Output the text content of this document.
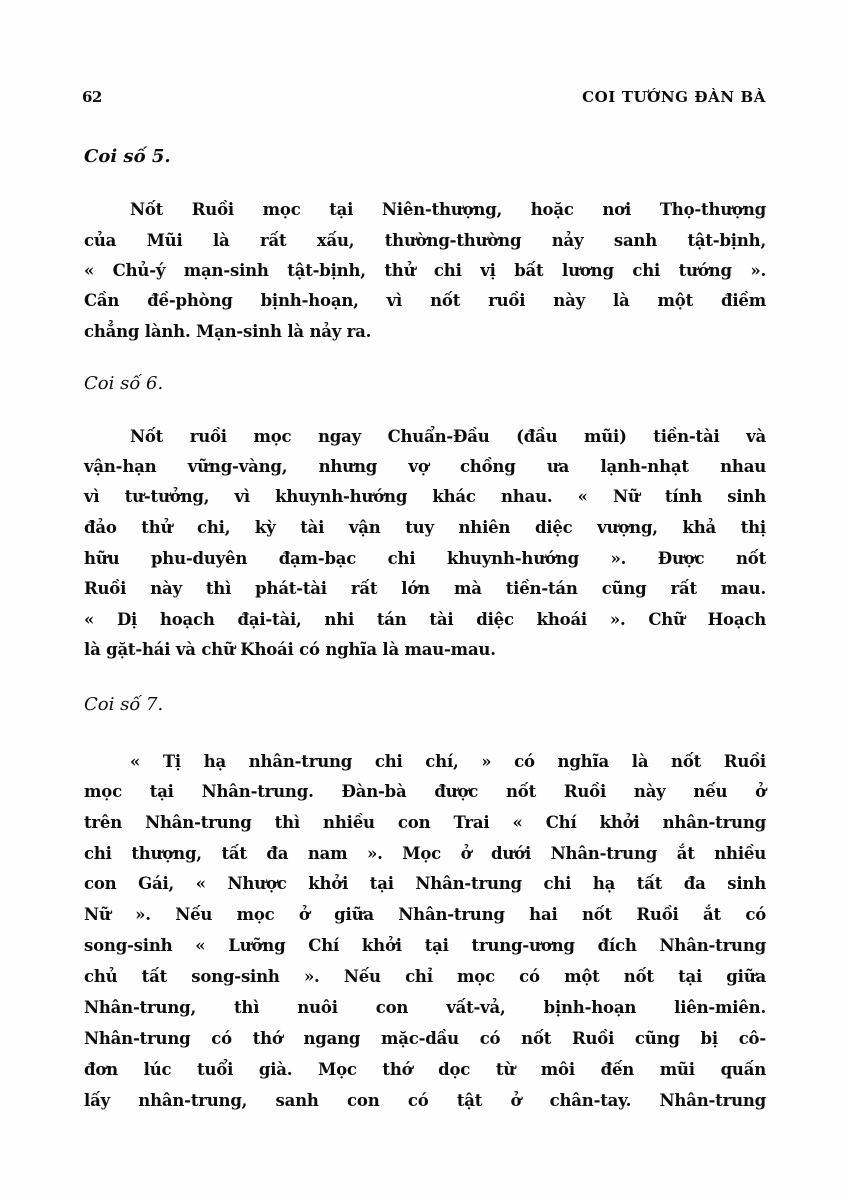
62	COI TƯỚNG ĐÀN BÀ
Coi số 5.
Nốt Ruồi mọc tại Niên-thượng, hoặc nơi Thọ-thượng
của Mũi là rất xấu, thường-thường nảy sanh tật-bịnh,
« Chủ-ý mạn-sinh tật-bịnh, thử chi vị bất lương chi tướng ».
Cần đề-phòng bịnh-hoạn, vì nốt ruồi này là một điềm
chẳng lành. Mạn-sinh là nảy ra.
Coi số 6.
Nốt ruồi mọc ngay Chuẩn-Đầu (đầu mũi) tiền-tài và
vận-hạn vững-vàng, nhưng vợ chồng ưa lạnh-nhạt nhau
vì tư-tưởng, vì khuynh-hướng khác nhau. « Nữ tính sinh
đảo thử chi, kỳ tài vận tuy nhiên diệc vượng, khả thị
hữu phu-duyên đạm-bạc chi khuynh-hướng ». Được nốt
Ruồi này thì phát-tài rất lớn mà tiền-tán cũng rất mau.
« Dị hoạch đại-tài, nhi tán tài diệc khoái ». Chữ Hoạch
là gặt-hái và chữ Khoái có nghĩa là mau-mau.
Coi số 7.
« Tị hạ nhân-trung chi chí, » có nghĩa là nốt Ruồi
mọc tại Nhân-trung. Đàn-bà được nốt Ruồi này nếu ở
trên Nhân-trung thì nhiều con Trai « Chí khởi nhân-trung
chi thượng, tất đa nam ». Mọc ở dưới Nhân-trung ắt nhiều
con Gái, « Nhược khởi tại Nhân-trung chi hạ tất đa sinh
Nữ ». Nếu mọc ở giữa Nhân-trung hai nốt Ruồi ắt có
song-sinh « Lưỡng Chí khởi tại trung-ương đích Nhân-trung
chủ tất song-sinh ». Nếu chỉ mọc có một nốt tại giữa
Nhân-trung, thì nuôi con vất-vả, bịnh-hoạn liên-miên.
Nhân-trung có thớ ngang mặc-dầu có nốt Ruồi cũng bị cô-
đơn lúc tuổi già. Mọc thớ dọc từ môi đến mũi quấn
lấy nhân-trung, sanh con có tật ở chân-tay. Nhân-trung
